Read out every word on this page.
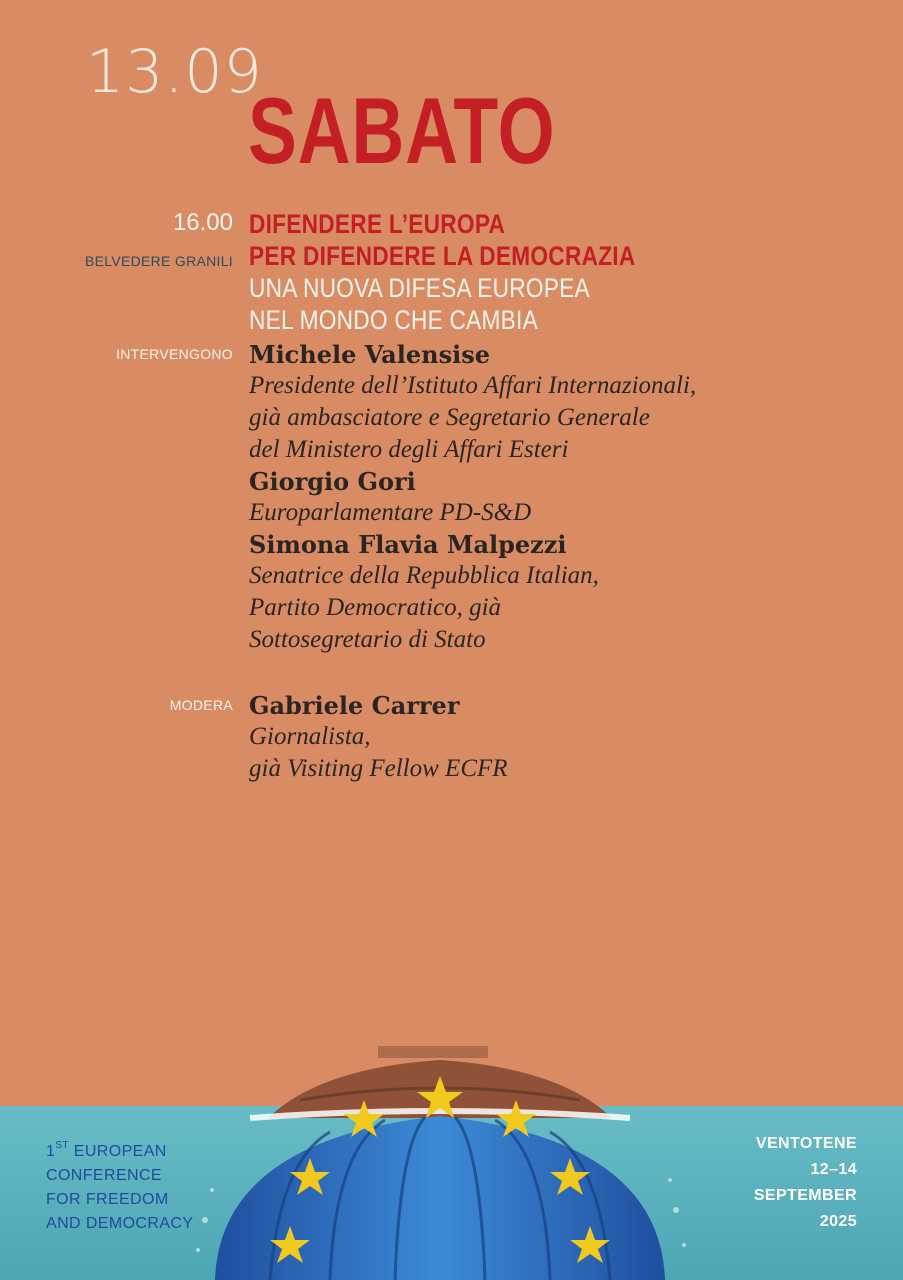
13.09
SABATO
16.00
BELVEDERE GRANILI
DIFENDERE L’EUROPA
PER DIFENDERE LA DEMOCRAZIA
UNA NUOVA DIFESA EUROPEA
NEL MONDO CHE CAMBIA
INTERVENGONO Michele Valensise
Presidente dell’Istituto Affari Internazionali,
già ambasciatore e Segretario Generale
del Ministero degli Affari Esteri
Giorgio Gori
Europarlamentare PD-S&D
Simona Flavia Malpezzi
Senatrice della Repubblica Italian,
Partito Democratico, già
Sottosegretario di Stato
MODERA Gabriele Carrer
Giornalista,
già Visiting Fellow ECFR
1ST EUROPEAN
CONFERENCE
FOR FREEDOM
AND DEMOCRACY
VENTOTENE
12–14
SEPTEMBER
2025
